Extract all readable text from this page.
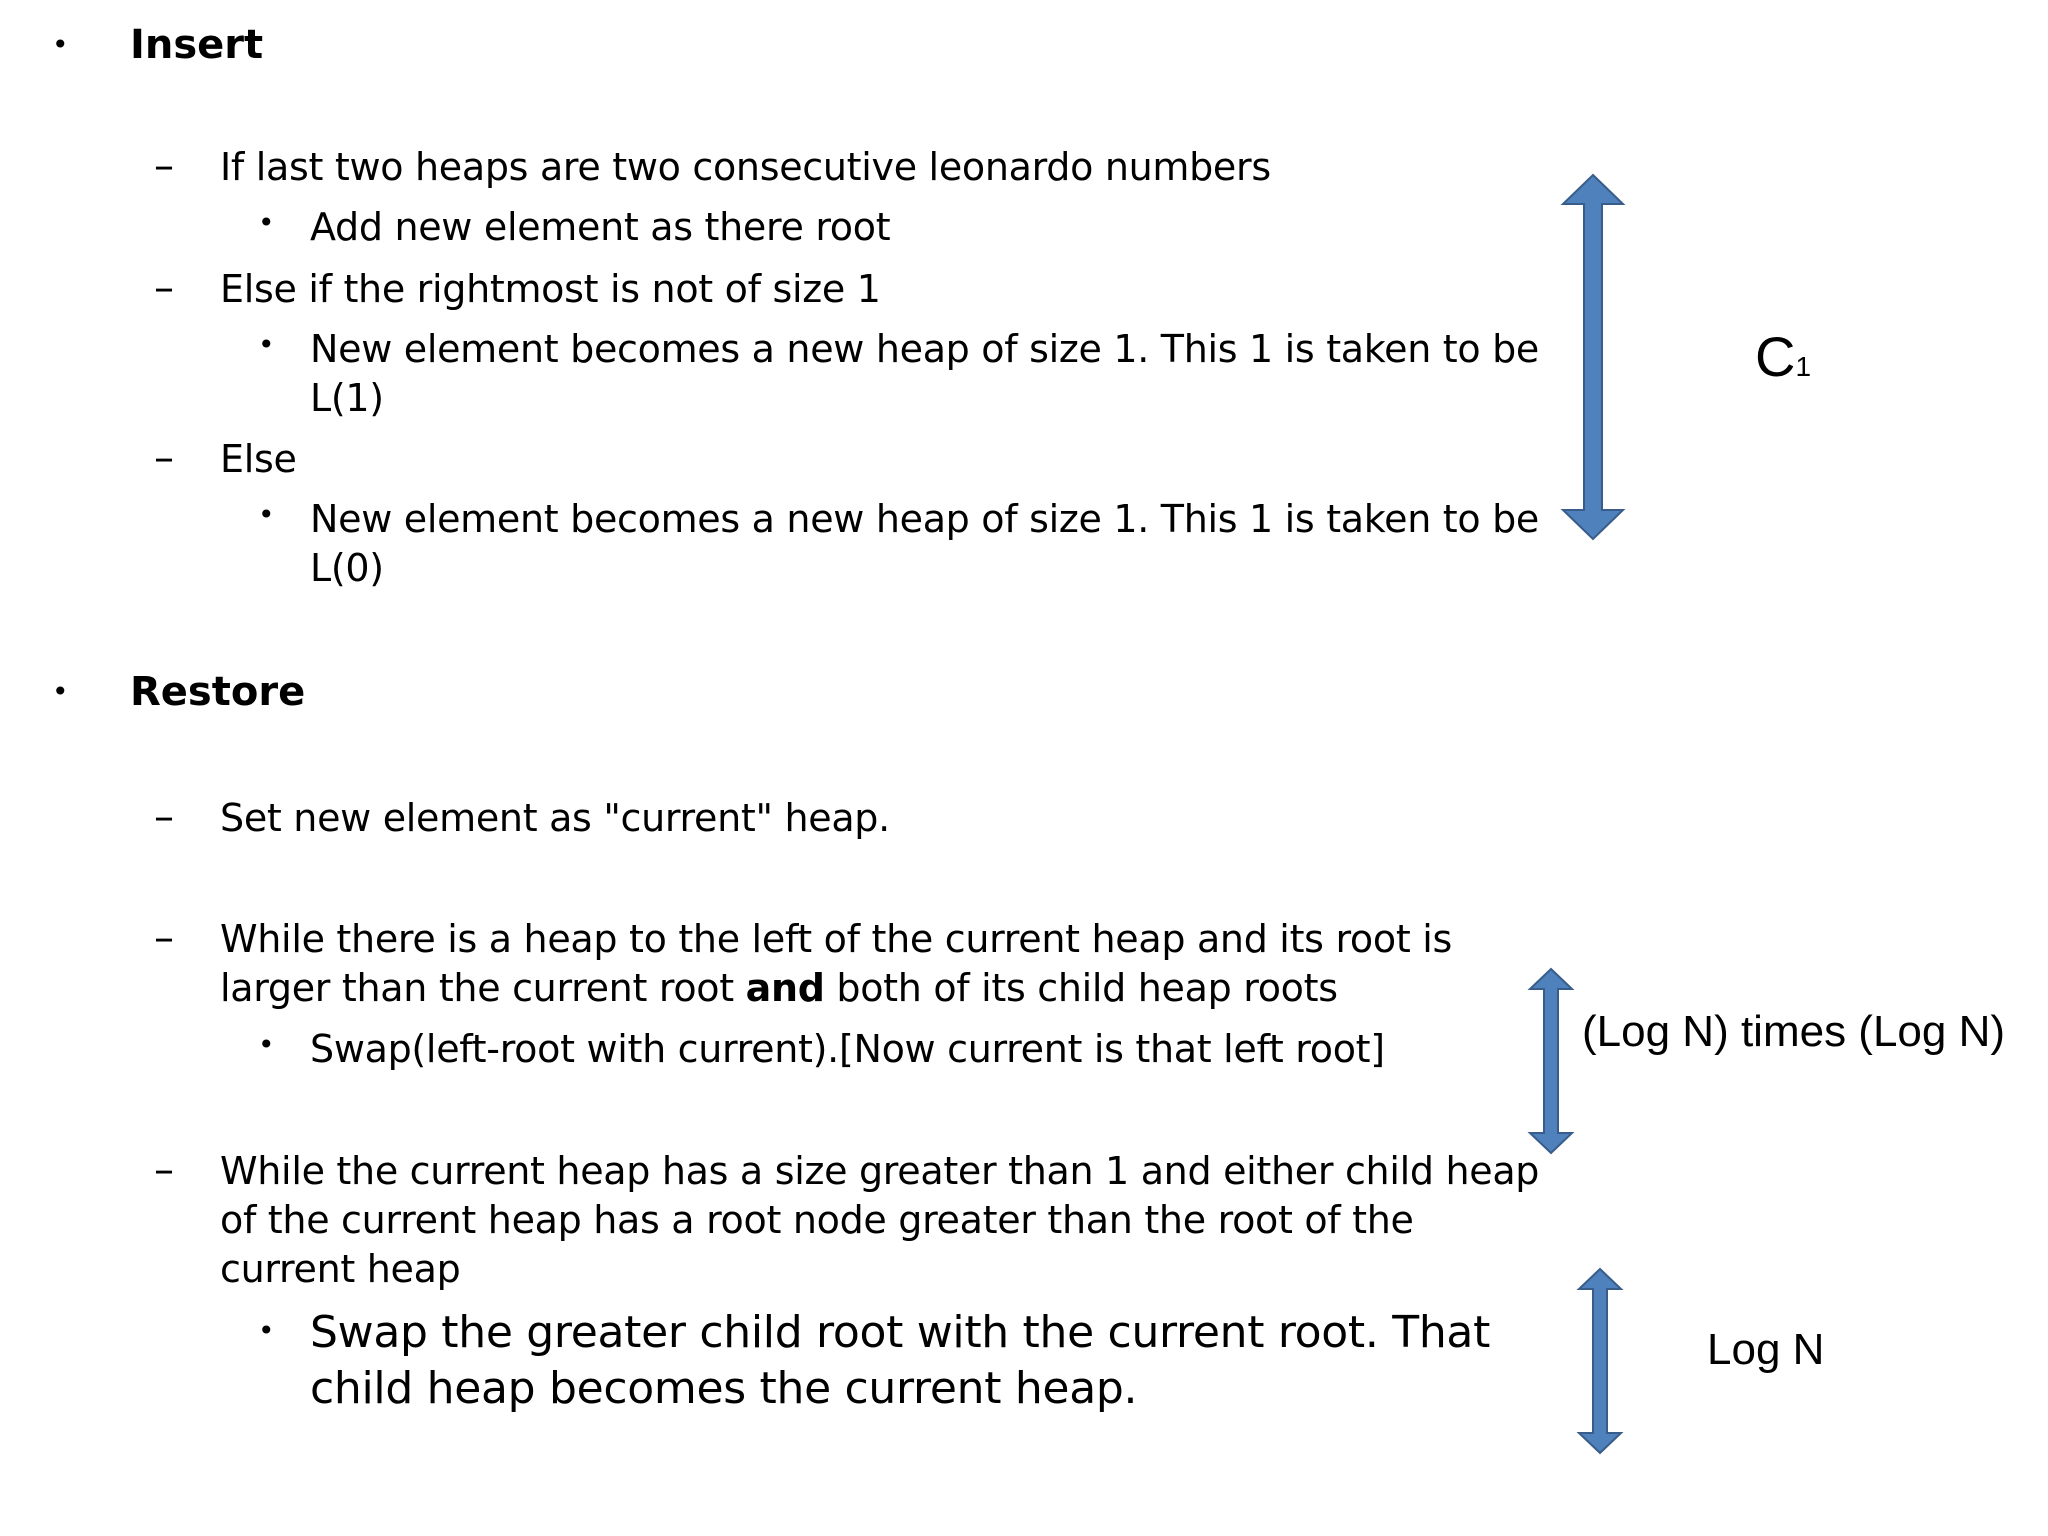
• Insert
– If last two heaps are two consecutive leonardo numbers
• Add new element as there root
– Else if the rightmost is not of size 1
• New element becomes a new heap of size 1. This 1 is taken to be
L(1)
– Else
• New element becomes a new heap of size 1. This 1 is taken to be
L(0)
• Restore
– Set new element as "current" heap.
– While there is a heap to the left of the current heap and its root is
larger than the current root and both of its child heap roots
• Swap(left-root with current).[Now current is that left root]
– While the current heap has a size greater than 1 and either child heap
of the current heap has a root node greater than the root of the
current heap
• Swap the greater child root with the current root. That
child heap becomes the current heap.
C1
(Log N) times (Log N)
Log N
